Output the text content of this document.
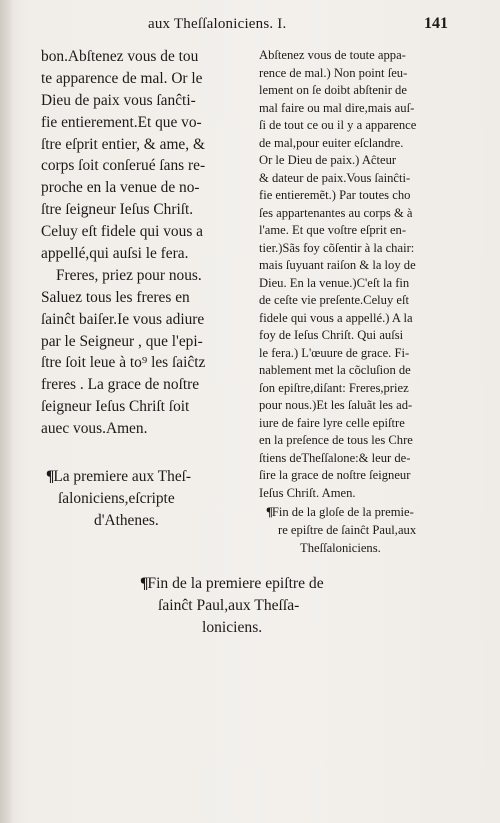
aux Theſſaloniciens. I.	141
bon.Abſtenez vous de tou
te apparence de mal. Or le
Dieu de paix vous ſanĉti-
fie entierement.Et que vo-
ſtre eſprit entier, & ame, &
corps ſoit conſerué ſans re-
proche en la venue de no-
ſtre ſeigneur Ieſus Chriſt.
Celuy eſt fidele qui vous a
appellé,qui auſsi le fera.
Freres, priez pour nous.
Saluez tous les freres en
ſainĉt baiſer.Ie vous adiure
par le Seigneur , que l'epi-
ſtre ſoit leue à to⁹ les ſaiĉtz
freres . La grace de noſtre
ſeigneur Ieſus Chriſt ſoit
auec vous.Amen.
Abſtenez vous de toute appa-
rence de mal.) Non point ſeu-
lement on ſe doibt abſtenir de
mal faire ou mal dire,mais auſ-
ſi de tout ce ou il y a apparence
de mal,pour euiter eſclandre.
Or le Dieu de paix.) Aĉteur
& dateur de paix.Vous ſainĉti-
fie entieremẽt.) Par toutes cho
ſes appartenantes au corps & à
l'ame. Et que voſtre eſprit en-
tier.)Sãs foy cõſentir à la chair:
mais ſuyuant raiſon & la loy de
Dieu. En la venue.)C'eſt la fin
de ceſte vie preſente.Celuy eſt
fidele qui vous a appellé.) A la
foy de Ieſus Chriſt. Qui auſsi
le fera.) L'œuure de grace. Fi-
nablement met la cõcluſion de
ſon epiſtre,diſant: Freres,priez
pour nous.)Et les ſaluãt les ad-
iure de faire lyre celle epiſtre
en la preſence de tous les Chre
ſtiens deTheſſalone:& leur de-
ſire la grace de noſtre ſeigneur
Ieſus Chriſt. Amen.
¶La premiere aux Theſ-
ſaloniciens,eſcripte
d'Athenes.	¶Fin de la gloſe de la premie-
re epiſtre de ſainĉt Paul,aux
Theſſaloniciens.
¶Fin de la premiere epiſtre de
ſainĉt Paul,aux Theſſa-
loniciens.
